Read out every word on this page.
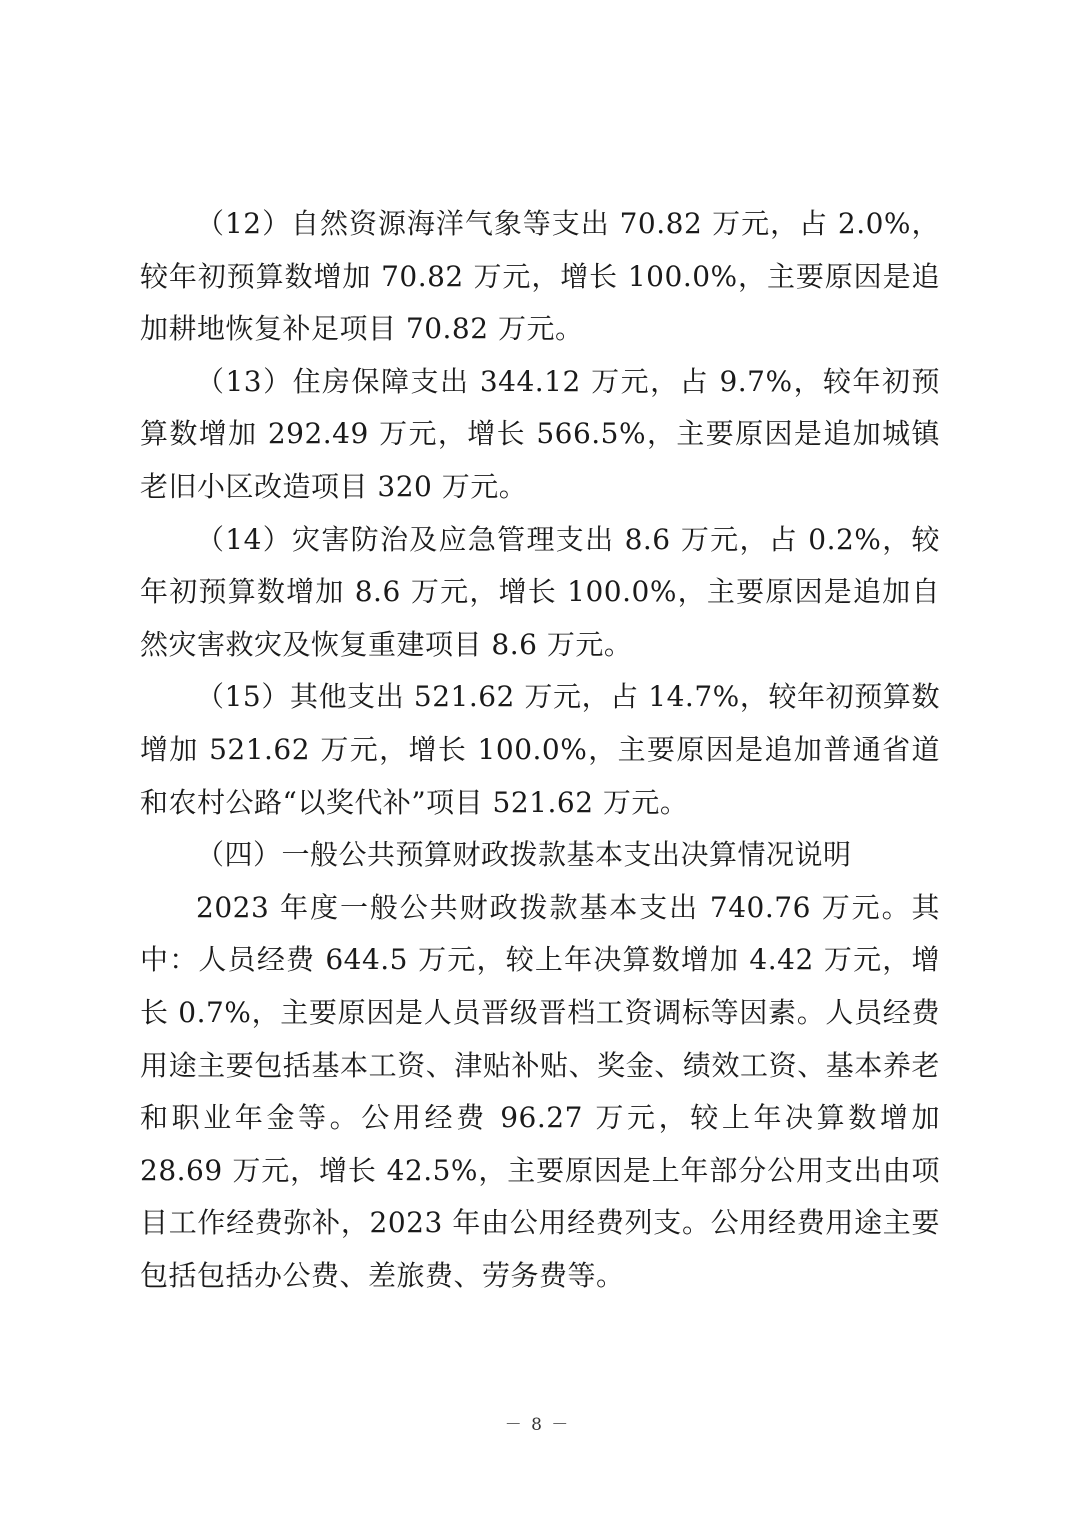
（12）自然资源海洋气象等支出 70.82 万元，占 2.0%，较年初预算数增加 70.82 万元，增长 100.0%，主要原因是追加耕地恢复补足项目 70.82 万元。

（13）住房保障支出 344.12 万元，占 9.7%，较年初预算数增加 292.49 万元，增长 566.5%，主要原因是追加城镇老旧小区改造项目 320 万元。

（14）灾害防治及应急管理支出 8.6 万元，占 0.2%，较年初预算数增加 8.6 万元，增长 100.0%，主要原因是追加自然灾害救灾及恢复重建项目 8.6 万元。

（15）其他支出 521.62 万元，占 14.7%，较年初预算数增加 521.62 万元，增长 100.0%，主要原因是追加普通省道和农村公路“以奖代补”项目 521.62 万元。

（四）一般公共预算财政拨款基本支出决算情况说明

2023 年度一般公共财政拨款基本支出 740.76 万元。其中：人员经费 644.5 万元，较上年决算数增加 4.42 万元，增长 0.7%，主要原因是人员晋级晋档工资调标等因素。人员经费用途主要包括基本工资、津贴补贴、奖金、绩效工资、基本养老和职业年金等。公用经费 96.27 万元，较上年决算数增加 28.69 万元，增长 42.5%，主要原因是上年部分公用支出由项目工作经费弥补，2023 年由公用经费列支。公用经费用途主要包括包括办公费、差旅费、劳务费等。

－ 8 －
